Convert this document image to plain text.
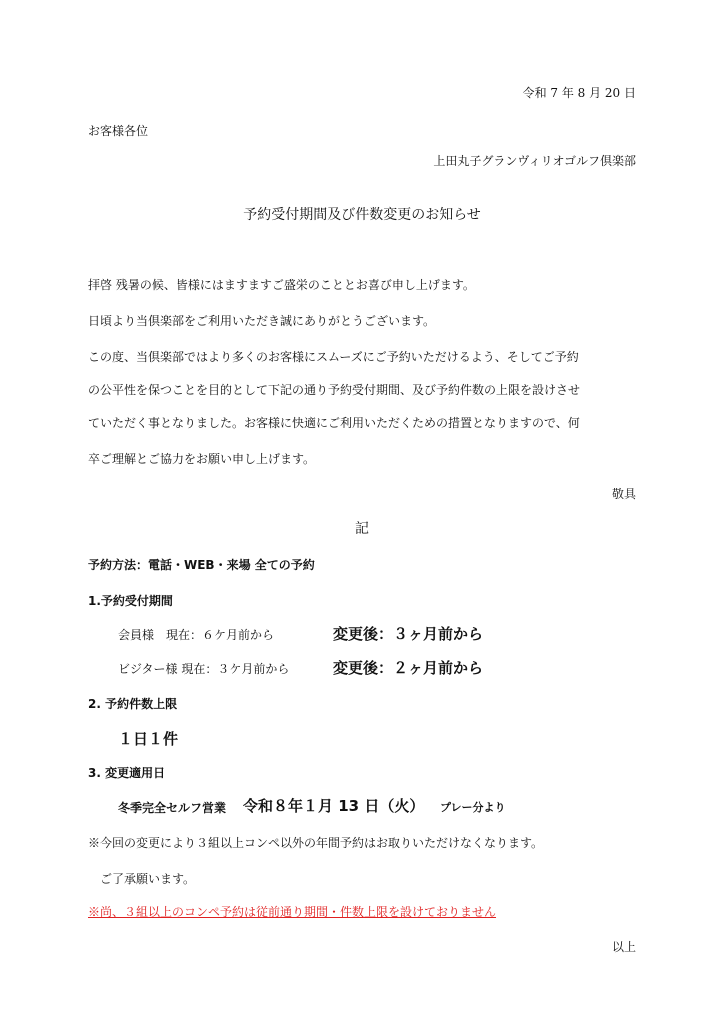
令和 7 年 8 月 20 日
お客様各位
上田丸子グランヴィリオゴルフ倶楽部
予約受付期間及び件数変更のお知らせ
拝啓 残暑の候、皆様にはますますご盛栄のこととお喜び申し上げます。
日頃より当倶楽部をご利用いただき誠にありがとうございます。
この度、当倶楽部ではより多くのお客様にスムーズにご予約いただけるよう、そしてご予約
の公平性を保つことを目的として下記の通り予約受付期間、及び予約件数の上限を設けさせ
ていただく事となりました。お客様に快適にご利用いただくための措置となりますので、何
卒ご理解とご協力をお願い申し上げます。
敬具
記
予約方法：電話・WEB・来場 全ての予約
1.予約受付期間
会員様　現在：６ケ月前から	変更後：３ヶ月前から
ビジター様 現在：３ケ月前から	変更後：２ヶ月前から
2. 予約件数上限
１日１件
3. 変更適用日
冬季完全セルフ営業 令和８年１月 13 日（火） プレー分より
※今回の変更により３組以上コンペ以外の年間予約はお取りいただけなくなります。
ご了承願います。
※尚、３組以上のコンペ予約は従前通り期間・件数上限を設けておりません
以上
